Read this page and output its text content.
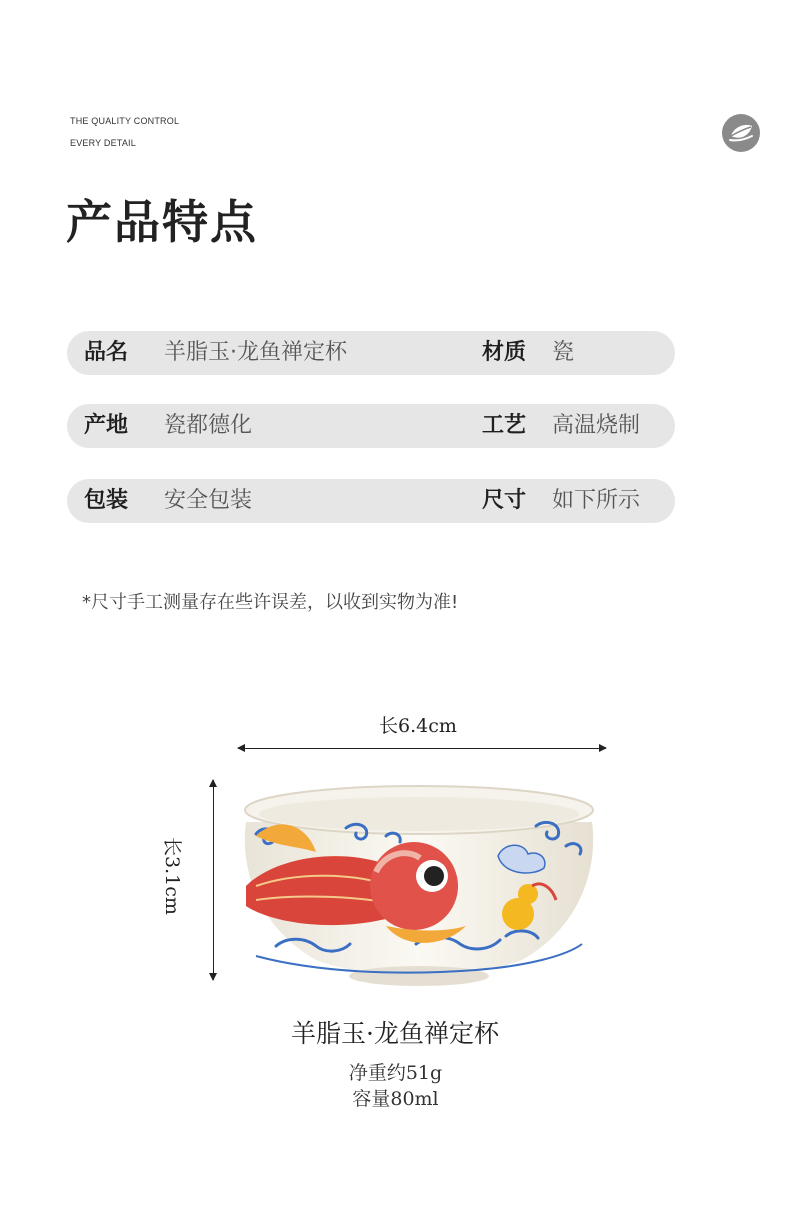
THE QUALITY CONTROL
EVERY DETAIL
产品特点
品名 羊脂玉·龙鱼禅定杯	材质 瓷
产地 瓷都德化	工艺 高温烧制
包装 安全包装	尺寸 如下所示
*尺寸手工测量存在些许误差，以收到实物为准!
长6.4cm
长3.1cm
羊脂玉·龙鱼禅定杯
净重约51g
容量80ml
